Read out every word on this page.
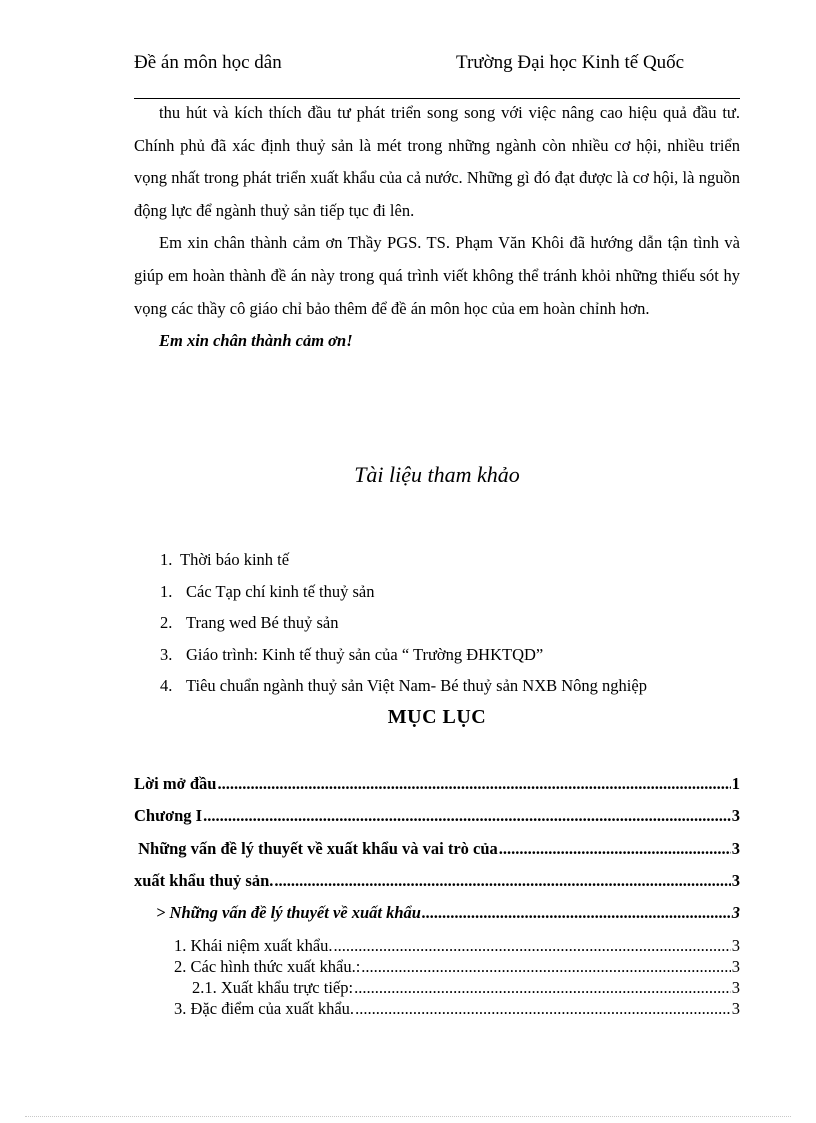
Đề án môn học dân	Trường Đại học Kinh tế Quốc

thu hút và kích thích đầu tư phát triển song song với việc nâng cao hiệu quả đầu tư. Chính phủ đã xác định thuỷ sản là mét trong những ngành còn nhiều cơ hội, nhiều triển vọng nhất trong phát triển xuất khẩu của cả nước. Những gì đó đạt được là cơ hội, là nguồn động lực để ngành thuỷ sản tiếp tục đi lên.

Em xin chân thành cảm ơn Thầy PGS. TS. Phạm Văn Khôi đã hướng dẫn tận tình và giúp em hoàn thành đề án này trong quá trình viết không thể tránh khỏi những thiếu sót hy vọng các thầy cô giáo chỉ bảo thêm để đề án môn học của em hoàn chỉnh hơn.

Em xin chân thành cảm ơn!

Tài liệu tham khảo
1. Thời báo kinh tế
1. Các Tạp chí kinh tế thuỷ sản
2. Trang wed Bé thuỷ sản
3. Giáo trình: Kinh tế thuỷ sản của “ Trường ĐHKTQD”
4. Tiêu chuẩn ngành thuỷ sản Việt Nam- Bé thuỷ sản NXB Nông nghiệp
MỤC LỤC
Lời mở đầu .....	1
Chương I .....	3
Những vấn đề lý thuyết về xuất khẩu và vai trò của .....	3
xuất khẩu thuỷ sản. .....	3
> Những vấn đề lý thuyết về xuất khẩu .....	3
1. Khái niệm xuất khẩu. .....	3
2. Các hình thức xuất khẩu.: .....	3
2.1. Xuất khẩu trực tiếp: .....	3
3. Đặc điểm của xuất khẩu. .....	3
